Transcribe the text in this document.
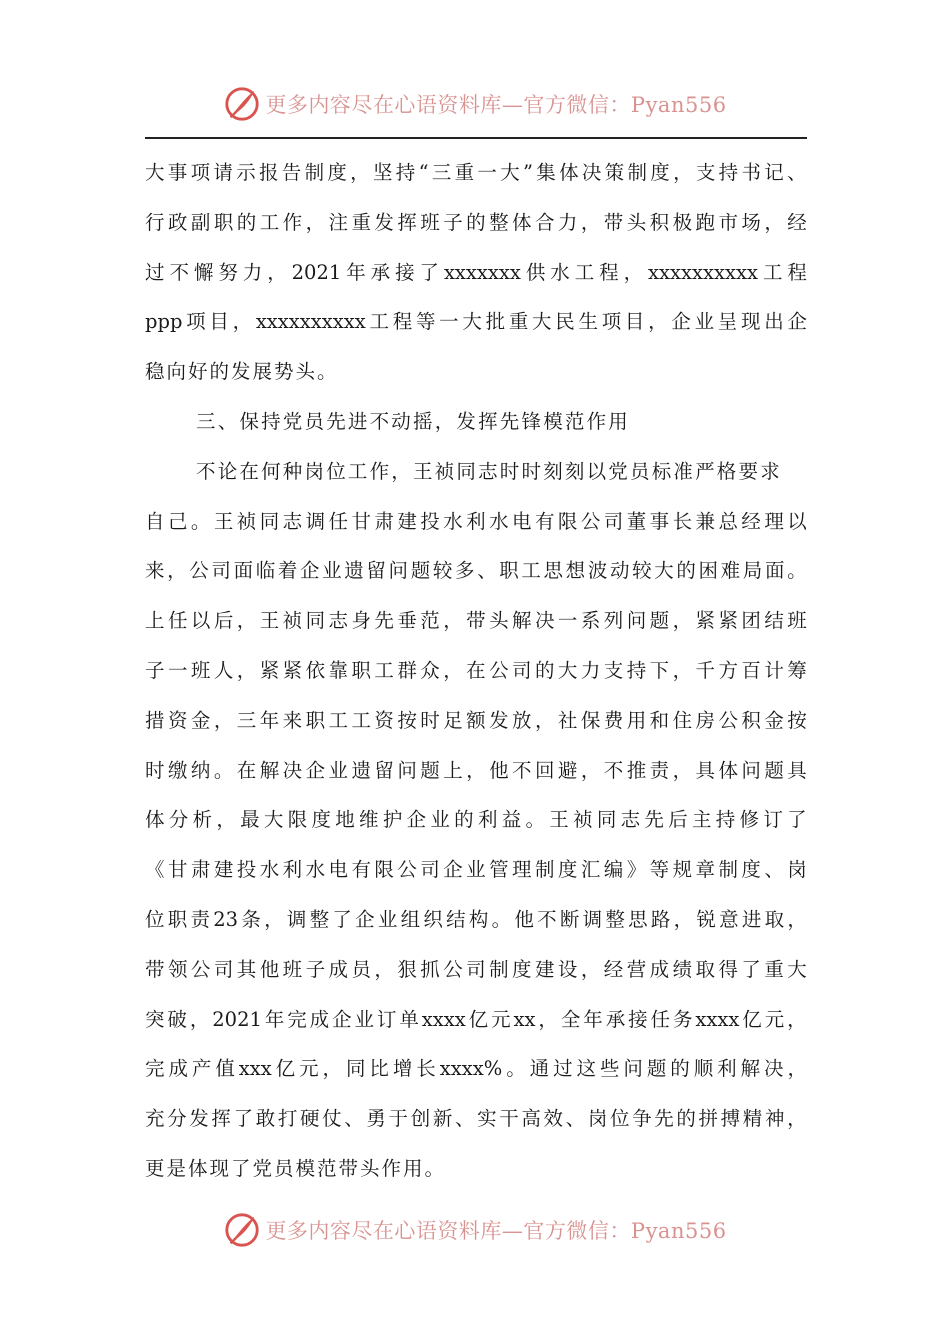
更多内容尽在心语资料库—官方微信：Pyan556
大 事 项 请 示 报 告 制 度 ， 坚 持 “ 三 重 一 大 ” 集 体 决 策 制 度 ， 支 持 书 记 、
行 政 副 职 的 工 作 ， 注 重 发 挥 班 子 的 整 体 合 力 ， 带 头 积 极 跑 市 场 ， 经
过 不 懈 努 力 ， 2021 年 承 接 了 xxxxxxx 供 水 工 程 ， xxxxxxxxxx 工 程
ppp 项 目 ， xxxxxxxxxx 工 程 等 一 大 批 重 大 民 生 项 目 ， 企 业 呈 现 出 企
稳向好的发展势头。
三、保持党员先进不动摇，发挥先锋模范作用
不论在何种岗位工作，王祯同志时时刻刻以党员标准严格要求
自 己 。 王 祯 同 志 调 任 甘 肃 建 投 水 利 水 电 有 限 公 司 董 事 长 兼 总 经 理 以
来 ， 公 司 面 临 着 企 业 遗 留 问 题 较 多 、 职 工 思 想 波 动 较 大 的 困 难 局 面 。
上 任 以 后 ， 王 祯 同 志 身 先 垂 范 ， 带 头 解 决 一 系 列 问 题 ， 紧 紧 团 结 班
子 一 班 人 ， 紧 紧 依 靠 职 工 群 众 ， 在 公 司 的 大 力 支 持 下 ， 千 方 百 计 筹
措 资 金 ， 三 年 来 职 工 工 资 按 时 足 额 发 放 ， 社 保 费 用 和 住 房 公 积 金 按
时 缴 纳 。 在 解 决 企 业 遗 留 问 题 上 ， 他 不 回 避 ， 不 推 责 ， 具 体 问 题 具
体 分 析 ， 最 大 限 度 地 维 护 企 业 的 利 益 。 王 祯 同 志 先 后 主 持 修 订 了
《 甘 肃 建 投 水 利 水 电 有 限 公 司 企 业 管 理 制 度 汇 编 》 等 规 章 制 度 、 岗
位 职 责 23 条 ， 调 整 了 企 业 组 织 结 构 。 他 不 断 调 整 思 路 ， 锐 意 进 取 ，
带 领 公 司 其 他 班 子 成 员 ， 狠 抓 公 司 制 度 建 设 ， 经 营 成 绩 取 得 了 重 大
突 破 ， 2021 年 完 成 企 业 订 单 xxxx 亿 元 xx ， 全 年 承 接 任 务 xxxx 亿 元 ，
完 成 产 值 xxx 亿 元 ， 同 比 增 长 xxxx% 。 通 过 这 些 问 题 的 顺 利 解 决 ，
充 分 发 挥 了 敢 打 硬 仗 、 勇 于 创 新 、 实 干 高 效 、 岗 位 争 先 的 拼 搏 精 神 ，
更是体现了党员模范带头作用。
更多内容尽在心语资料库—官方微信：Pyan556
